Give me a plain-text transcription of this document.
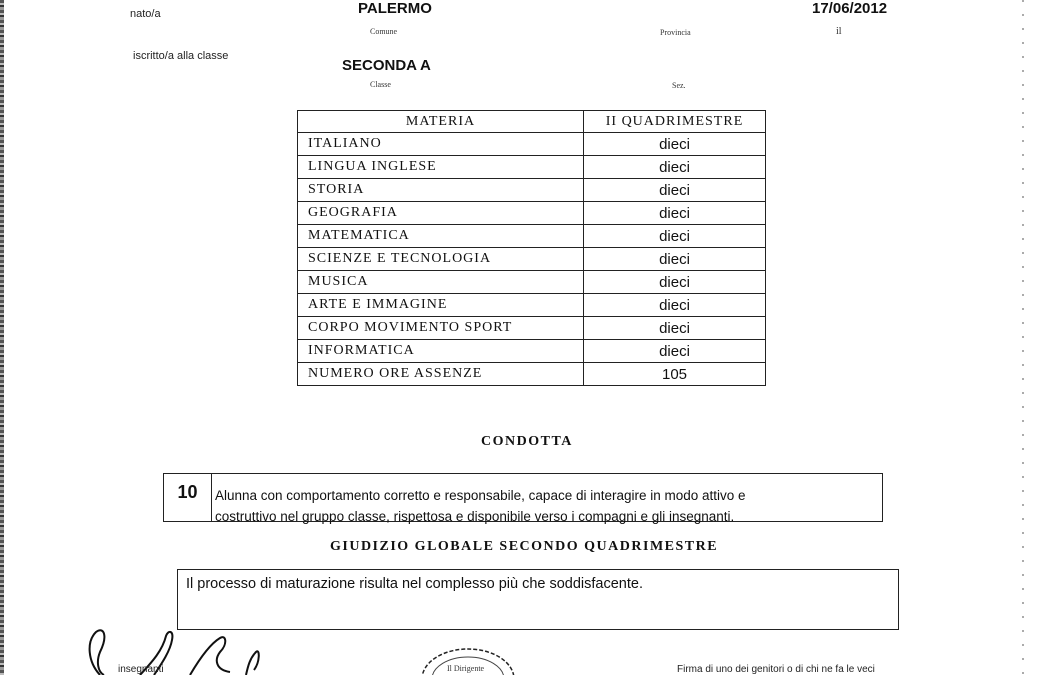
nato/a	PALERMO
Comune	Provincia
17/06/2012
il
iscritto/a alla classe
SECONDA A
Classe	Sez.
MATERIA	II QUADRIMESTRE
ITALIANO	dieci
LINGUA INGLESE	dieci
STORIA	dieci
GEOGRAFIA	dieci
MATEMATICA	dieci
SCIENZE E TECNOLOGIA	dieci
MUSICA	dieci
ARTE E IMMAGINE	dieci
CORPO MOVIMENTO SPORT	dieci
INFORMATICA	dieci
NUMERO ORE ASSENZE	105
CONDOTTA
10	Alunna con comportamento corretto e responsabile, capace di interagire in modo attivo e
costruttivo nel gruppo classe, rispettosa e disponibile verso i compagni e gli insegnanti.
GIUDIZIO GLOBALE SECONDO QUADRIMESTRE
Il processo di maturazione risulta nel complesso più che soddisfacente.
insegnanti	Il Dirigente	Firma di uno dei genitori o di chi ne fa le veci
